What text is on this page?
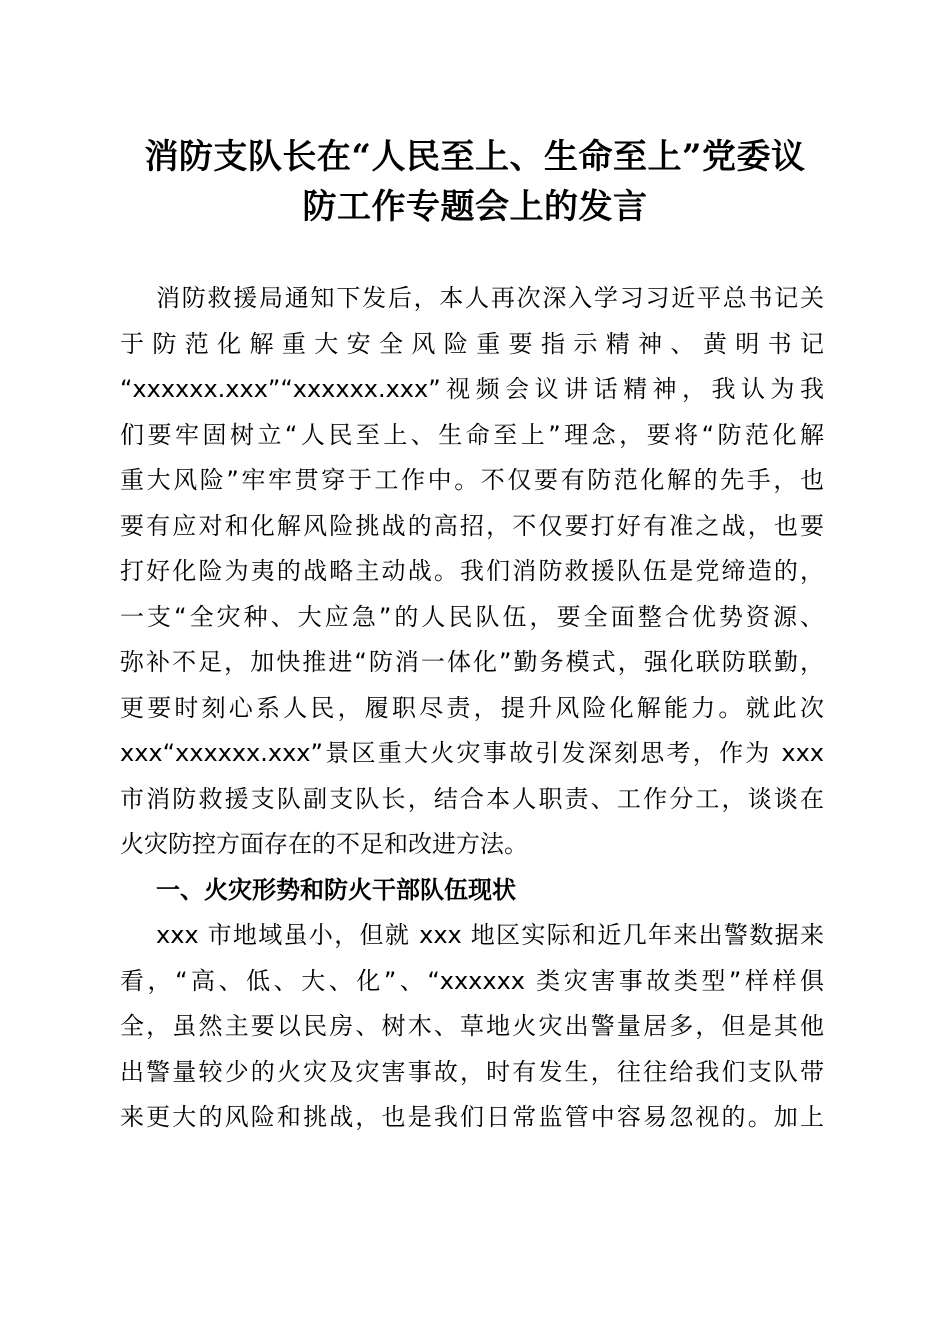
消防支队长在“人民至上、生命至上”党委议
防工作专题会上的发言
消防救援局通知下发后，本人再次深入学习习近平总书记关
于防范化解重大安全风险重要指示精神、黄明书记
“xxxxxx.xxx”“xxxxxx.xxx”视频会议讲话精神，我认为我
们要牢固树立“人民至上、生命至上”理念，要将“防范化解
重大风险”牢牢贯穿于工作中。不仅要有防范化解的先手，也
要有应对和化解风险挑战的高招，不仅要打好有准之战，也要
打好化险为夷的战略主动战。我们消防救援队伍是党缔造的，
一支“全灾种、大应急”的人民队伍，要全面整合优势资源、
弥补不足，加快推进“防消一体化”勤务模式，强化联防联勤，
更要时刻心系人民，履职尽责，提升风险化解能力。就此次
xxx“xxxxxx.xxx”景区重大火灾事故引发深刻思考，作为 xxx
市消防救援支队副支队长，结合本人职责、工作分工，谈谈在
火灾防控方面存在的不足和改进方法。
一、火灾形势和防火干部队伍现状
xxx 市地域虽小，但就 xxx 地区实际和近几年来出警数据来
看，“高、低、大、化”、“xxxxxx 类灾害事故类型”样样俱
全，虽然主要以民房、树木、草地火灾出警量居多，但是其他
出警量较少的火灾及灾害事故，时有发生，往往给我们支队带
来更大的风险和挑战，也是我们日常监管中容易忽视的。加上
